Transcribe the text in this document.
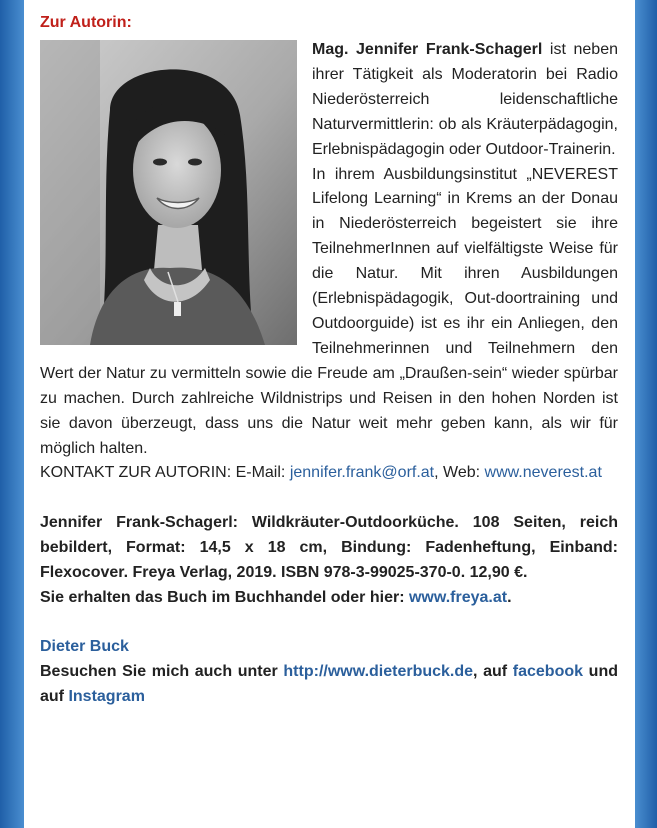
Zur Autorin:

Mag. Jennifer Frank-Schagerl ist neben ihrer Tätigkeit als Moderatorin bei Radio Niederösterreich leidenschaftliche Naturvermittlerin: ob als Kräuterpädagogin, Erlebnispädagogin oder Outdoor-Trainerin.

In ihrem Ausbildungsinstitut „NEVEREST Lifelong Learning“ in Krems an der Donau in Niederösterreich begeistert sie ihre TeilnehmerInnen auf vielfältigste Weise für die Natur. Mit ihren Ausbildungen (Erlebnispädagogik, Out-doortraining und Outdoorguide) ist es ihr ein Anliegen, den Teilnehmerinnen und Teilnehmern den Wert der Natur zu vermitteln sowie die Freude am „Draußen-sein“ wieder spürbar zu machen. Durch zahlreiche Wildnistrips und Reisen in den hohen Norden ist sie davon überzeugt, dass uns die Natur weit mehr geben kann, als wir für möglich halten.

KONTAKT ZUR AUTORIN: E-Mail: jennifer.frank@orf.at, Web: www.neverest.at

Jennifer Frank-Schagerl: Wildkräuter-Outdoorküche. 108 Seiten, reich bebildert, Format: 14,5 x 18 cm, Bindung: Fadenheftung, Einband: Flexocover. Freya Verlag, 2019. ISBN 978-3-99025-370-0. 12,90 €.
Sie erhalten das Buch im Buchhandel oder hier: www.freya.at.

Dieter Buck

Besuchen Sie mich auch unter http://www.dieterbuck.de, auf facebook und auf Instagram
